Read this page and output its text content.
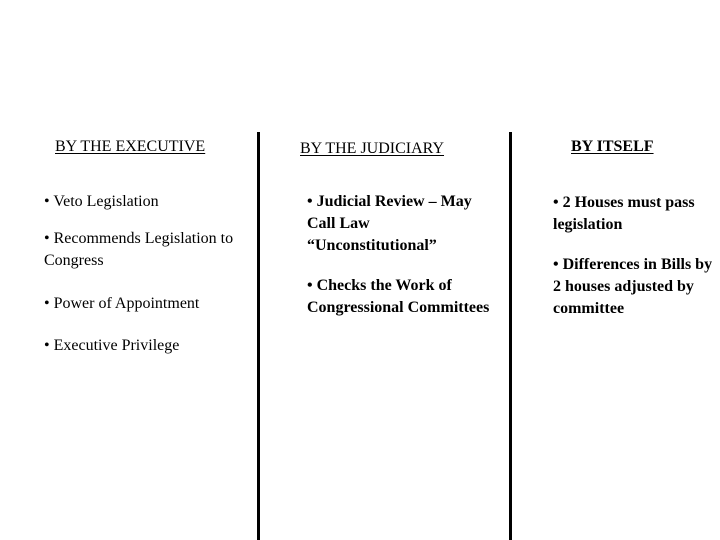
BY THE EXECUTIVE

• Veto Legislation

• Recommends Legislation to Congress

• Power of Appointment

• Executive Privilege

BY THE JUDICIARY

• Judicial Review – May Call Law “Unconstitutional”

• Checks the Work of Congressional Committees

BY ITSELF

• 2 Houses must pass legislation

• Differences in Bills by 2 houses adjusted by committee
